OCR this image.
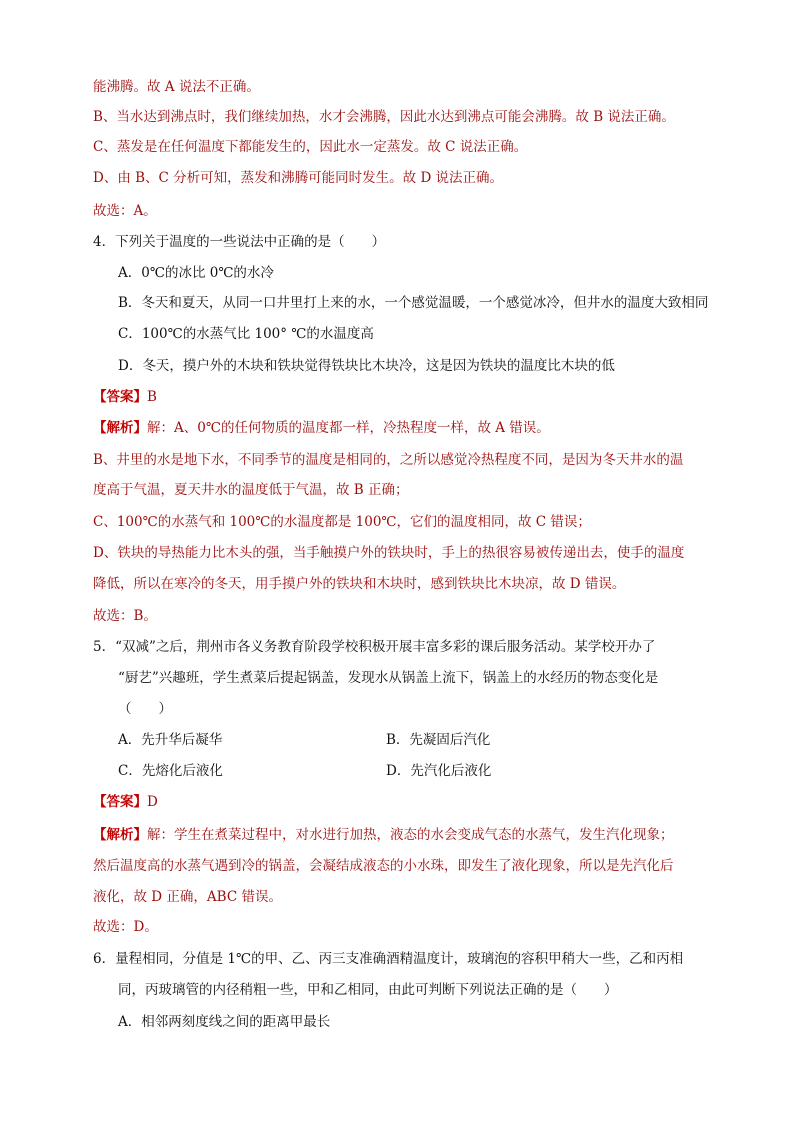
能沸腾。故 A 说法不正确。
B、当水达到沸点时，我们继续加热，水才会沸腾，因此水达到沸点可能会沸腾。故 B 说法正确。
C、蒸发是在任何温度下都能发生的，因此水一定蒸发。故 C 说法正确。
D、由 B、C 分析可知，蒸发和沸腾可能同时发生。故 D 说法正确。
故选：A。
4．下列关于温度的一些说法中正确的是（　　）
A．0℃的冰比 0℃的水冷
B．冬天和夏天，从同一口井里打上来的水，一个感觉温暖，一个感觉冰冷，但井水的温度大致相同
C．100℃的水蒸气比 100° ℃的水温度高
D．冬天，摸户外的木块和铁块觉得铁块比木块冷，这是因为铁块的温度比木块的低
【答案】B
【解析】解：A、0℃的任何物质的温度都一样，冷热程度一样，故 A 错误。
B、井里的水是地下水，不同季节的温度是相同的，之所以感觉冷热程度不同，是因为冬天井水的温
度高于气温，夏天井水的温度低于气温，故 B 正确；
C、100℃的水蒸气和 100℃的水温度都是 100℃，它们的温度相同，故 C 错误；
D、铁块的导热能力比木头的强，当手触摸户外的铁块时，手上的热很容易被传递出去，使手的温度
降低，所以在寒冷的冬天，用手摸户外的铁块和木块时，感到铁块比木块凉，故 D 错误。
故选：B。
5．“双减”之后，荆州市各义务教育阶段学校积极开展丰富多彩的课后服务活动。某学校开办了
“厨艺”兴趣班，学生煮菜后提起锅盖，发现水从锅盖上流下，锅盖上的水经历的物态变化是
（　　）
A．先升华后凝华	B．先凝固后汽化
C．先熔化后液化	D．先汽化后液化
【答案】D
【解析】解：学生在煮菜过程中，对水进行加热，液态的水会变成气态的水蒸气，发生汽化现象；
然后温度高的水蒸气遇到冷的锅盖，会凝结成液态的小水珠，即发生了液化现象，所以是先汽化后
液化，故 D 正确，ABC 错误。
故选：D。
6．量程相同，分值是 1℃的甲、乙、丙三支准确酒精温度计，玻璃泡的容积甲稍大一些，乙和丙相
同，丙玻璃管的内径稍粗一些，甲和乙相同，由此可判断下列说法正确的是（　　）
A．相邻两刻度线之间的距离甲最长
